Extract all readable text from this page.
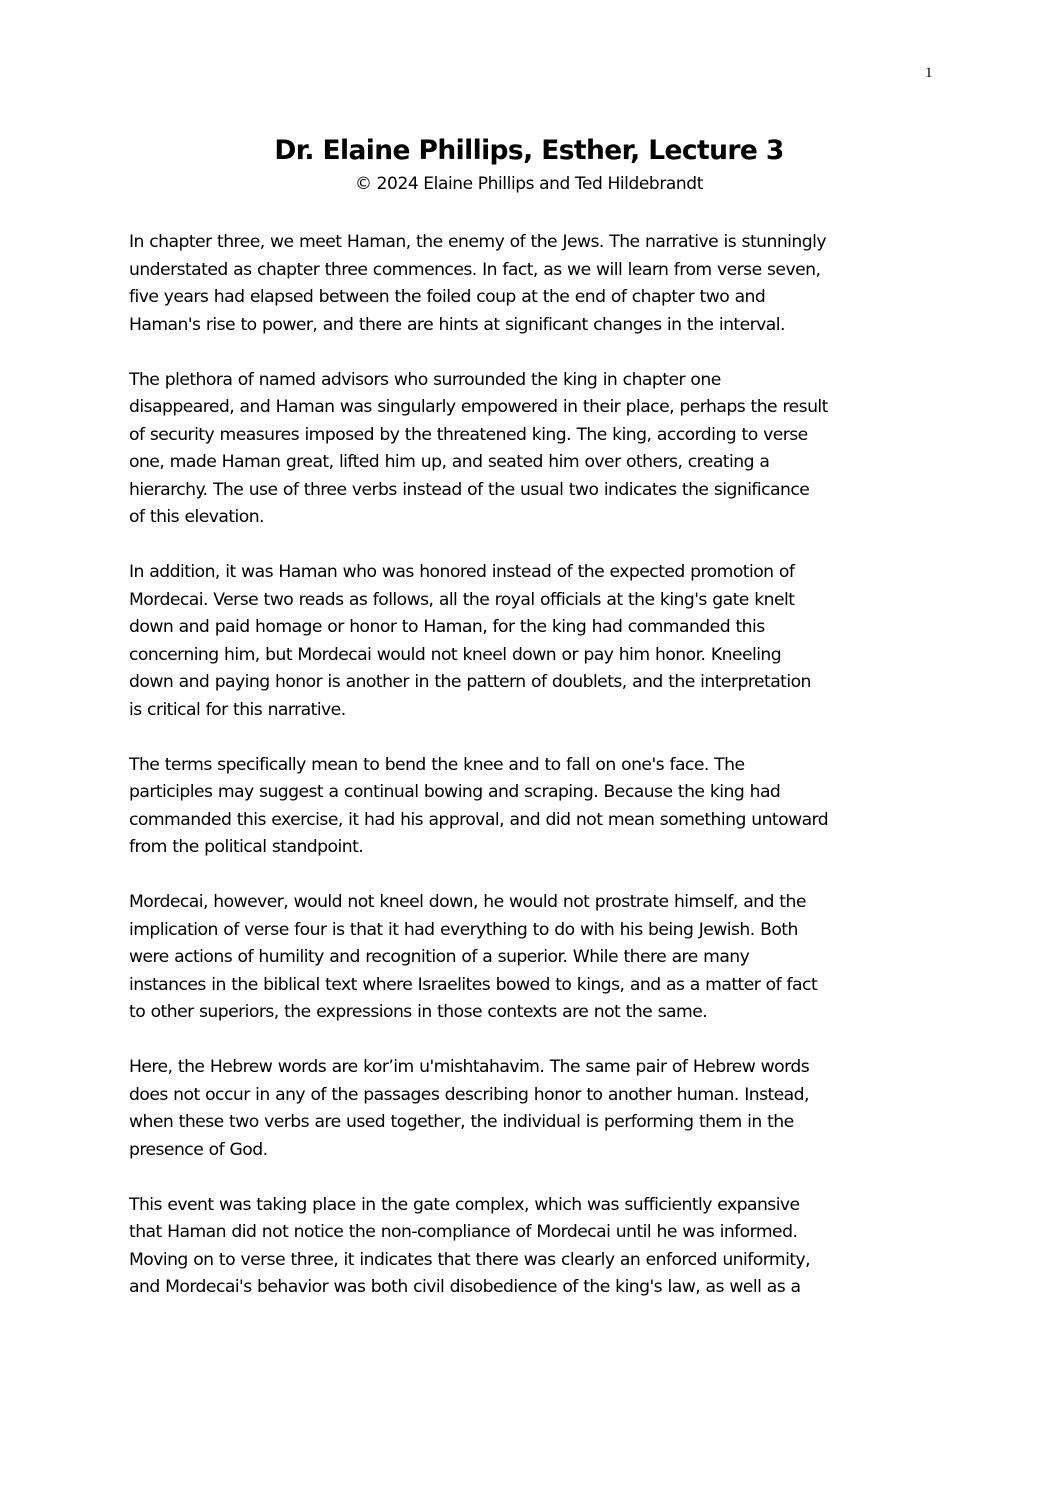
1
Dr. Elaine Phillips, Esther, Lecture 3

© 2024 Elaine Phillips and Ted Hildebrandt

In chapter three, we meet Haman, the enemy of the Jews. The narrative is stunningly
understated as chapter three commences. In fact, as we will learn from verse seven,
five years had elapsed between the foiled coup at the end of chapter two and
Haman's rise to power, and there are hints at significant changes in the interval.

The plethora of named advisors who surrounded the king in chapter one
disappeared, and Haman was singularly empowered in their place, perhaps the result
of security measures imposed by the threatened king. The king, according to verse
one, made Haman great, lifted him up, and seated him over others, creating a
hierarchy. The use of three verbs instead of the usual two indicates the significance
of this elevation.

In addition, it was Haman who was honored instead of the expected promotion of
Mordecai. Verse two reads as follows, all the royal officials at the king's gate knelt
down and paid homage or honor to Haman, for the king had commanded this
concerning him, but Mordecai would not kneel down or pay him honor. Kneeling
down and paying honor is another in the pattern of doublets, and the interpretation
is critical for this narrative.

The terms specifically mean to bend the knee and to fall on one's face. The
participles may suggest a continual bowing and scraping. Because the king had
commanded this exercise, it had his approval, and did not mean something untoward
from the political standpoint.

Mordecai, however, would not kneel down, he would not prostrate himself, and the
implication of verse four is that it had everything to do with his being Jewish. Both
were actions of humility and recognition of a superior. While there are many
instances in the biblical text where Israelites bowed to kings, and as a matter of fact
to other superiors, the expressions in those contexts are not the same.

Here, the Hebrew words are kor’im u'mishtahavim. The same pair of Hebrew words
does not occur in any of the passages describing honor to another human. Instead,
when these two verbs are used together, the individual is performing them in the
presence of God.

This event was taking place in the gate complex, which was sufficiently expansive
that Haman did not notice the non-compliance of Mordecai until he was informed.
Moving on to verse three, it indicates that there was clearly an enforced uniformity,
and Mordecai's behavior was both civil disobedience of the king's law, as well as a
